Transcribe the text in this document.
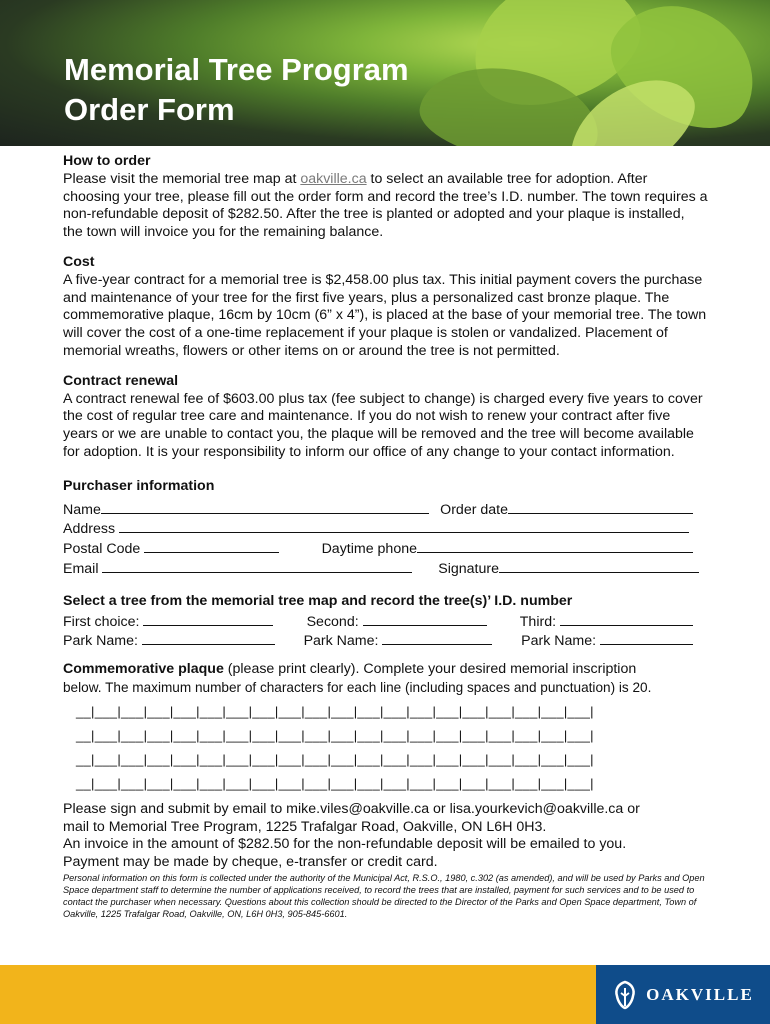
Memorial Tree Program
Order Form

How to order

Please visit the memorial tree map at oakville.ca to select an available tree for adoption. After choosing your tree, please fill out the order form and record the tree’s I.D. number. The town requires a non-refundable deposit of $282.50. After the tree is planted or adopted and your plaque is installed, the town will invoice you for the remaining balance.

Cost

A five-year contract for a memorial tree is $2,458.00 plus tax. This initial payment covers the purchase and maintenance of your tree for the first five years, plus a personalized cast bronze plaque. The commemorative plaque, 16cm by 10cm (6” x 4”), is placed at the base of your memorial tree. The town will cover the cost of a one-time replacement if your plaque is stolen or vandalized. Placement of memorial wreaths, flowers or other items on or around the tree is not permitted.

Contract renewal

A contract renewal fee of $603.00 plus tax (fee subject to change) is charged every five years to cover the cost of regular tree care and maintenance. If you do not wish to renew your contract after five years or we are unable to contact you, the plaque will be removed and the tree will become available for adoption. It is your responsibility to inform our office of any change to your contact information.

Purchaser information

Name	Order date
Address
Postal Code	Daytime phone
Email	Signature

Select a tree from the memorial tree map and record the tree(s)’ I.D. number

First choice:	Second:	Third:
Park Name:	Park Name:	Park Name:

Commemorative plaque (please print clearly). Complete your desired memorial inscription

below. The maximum number of characters for each line (including spaces and punctuation) is 20.

__|___|___|___|___|___|___|___|___|___|___|___|___|___|___|___|___|___|___|___|
__|___|___|___|___|___|___|___|___|___|___|___|___|___|___|___|___|___|___|___|
__|___|___|___|___|___|___|___|___|___|___|___|___|___|___|___|___|___|___|___|
__|___|___|___|___|___|___|___|___|___|___|___|___|___|___|___|___|___|___|___|

Please sign and submit by email to mike.viles@oakville.ca or lisa.yourkevich@oakville.ca or

mail to Memorial Tree Program, 1225 Trafalgar Road, Oakville, ON L6H 0H3.

An invoice in the amount of $282.50 for the non-refundable deposit will be emailed to you.

Payment may be made by cheque, e-transfer or credit card.

Personal information on this form is collected under the authority of the Municipal Act, R.S.O., 1980, c.302 (as amended), and will be used by Parks and Open Space department staff to determine the number of applications received, to record the trees that are installed, payment for such services and to be used to contact the purchaser when necessary. Questions about this collection should be directed to the Director of the Parks and Open Space department, Town of Oakville, 1225 Trafalgar Road, Oakville, ON, L6H 0H3, 905-845-6601.

OAKVILLE
